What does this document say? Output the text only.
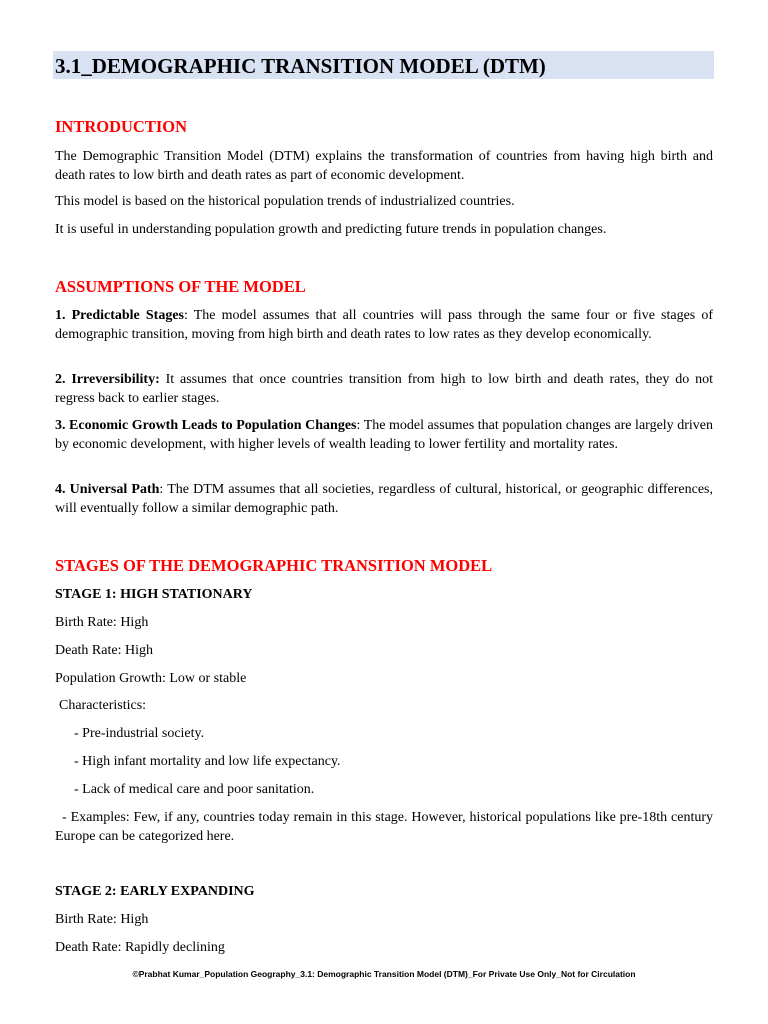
3.1_DEMOGRAPHIC TRANSITION MODEL (DTM)
INTRODUCTION

The Demographic Transition Model (DTM) explains the transformation of countries from having high birth and death rates to low birth and death rates as part of economic development.

This model is based on the historical population trends of industrialized countries.

It is useful in understanding population growth and predicting future trends in population changes.

ASSUMPTIONS OF THE MODEL

1. Predictable Stages: The model assumes that all countries will pass through the same four or five stages of demographic transition, moving from high birth and death rates to low rates as they develop economically.

2. Irreversibility: It assumes that once countries transition from high to low birth and death rates, they do not regress back to earlier stages.

3. Economic Growth Leads to Population Changes: The model assumes that population changes are largely driven by economic development, with higher levels of wealth leading to lower fertility and mortality rates.

4. Universal Path: The DTM assumes that all societies, regardless of cultural, historical, or geographic differences, will eventually follow a similar demographic path.

STAGES OF THE DEMOGRAPHIC TRANSITION MODEL

STAGE 1: HIGH STATIONARY

Birth Rate: High

Death Rate: High

Population Growth: Low or stable

Characteristics:

- Pre-industrial society.

- High infant mortality and low life expectancy.

- Lack of medical care and poor sanitation.

- Examples: Few, if any, countries today remain in this stage. However, historical populations like pre-18th century Europe can be categorized here.

STAGE 2: EARLY EXPANDING

Birth Rate: High

Death Rate: Rapidly declining

©Prabhat Kumar_Population Geography_3.1: Demographic Transition Model (DTM)_For Private Use Only_Not for Circulation
